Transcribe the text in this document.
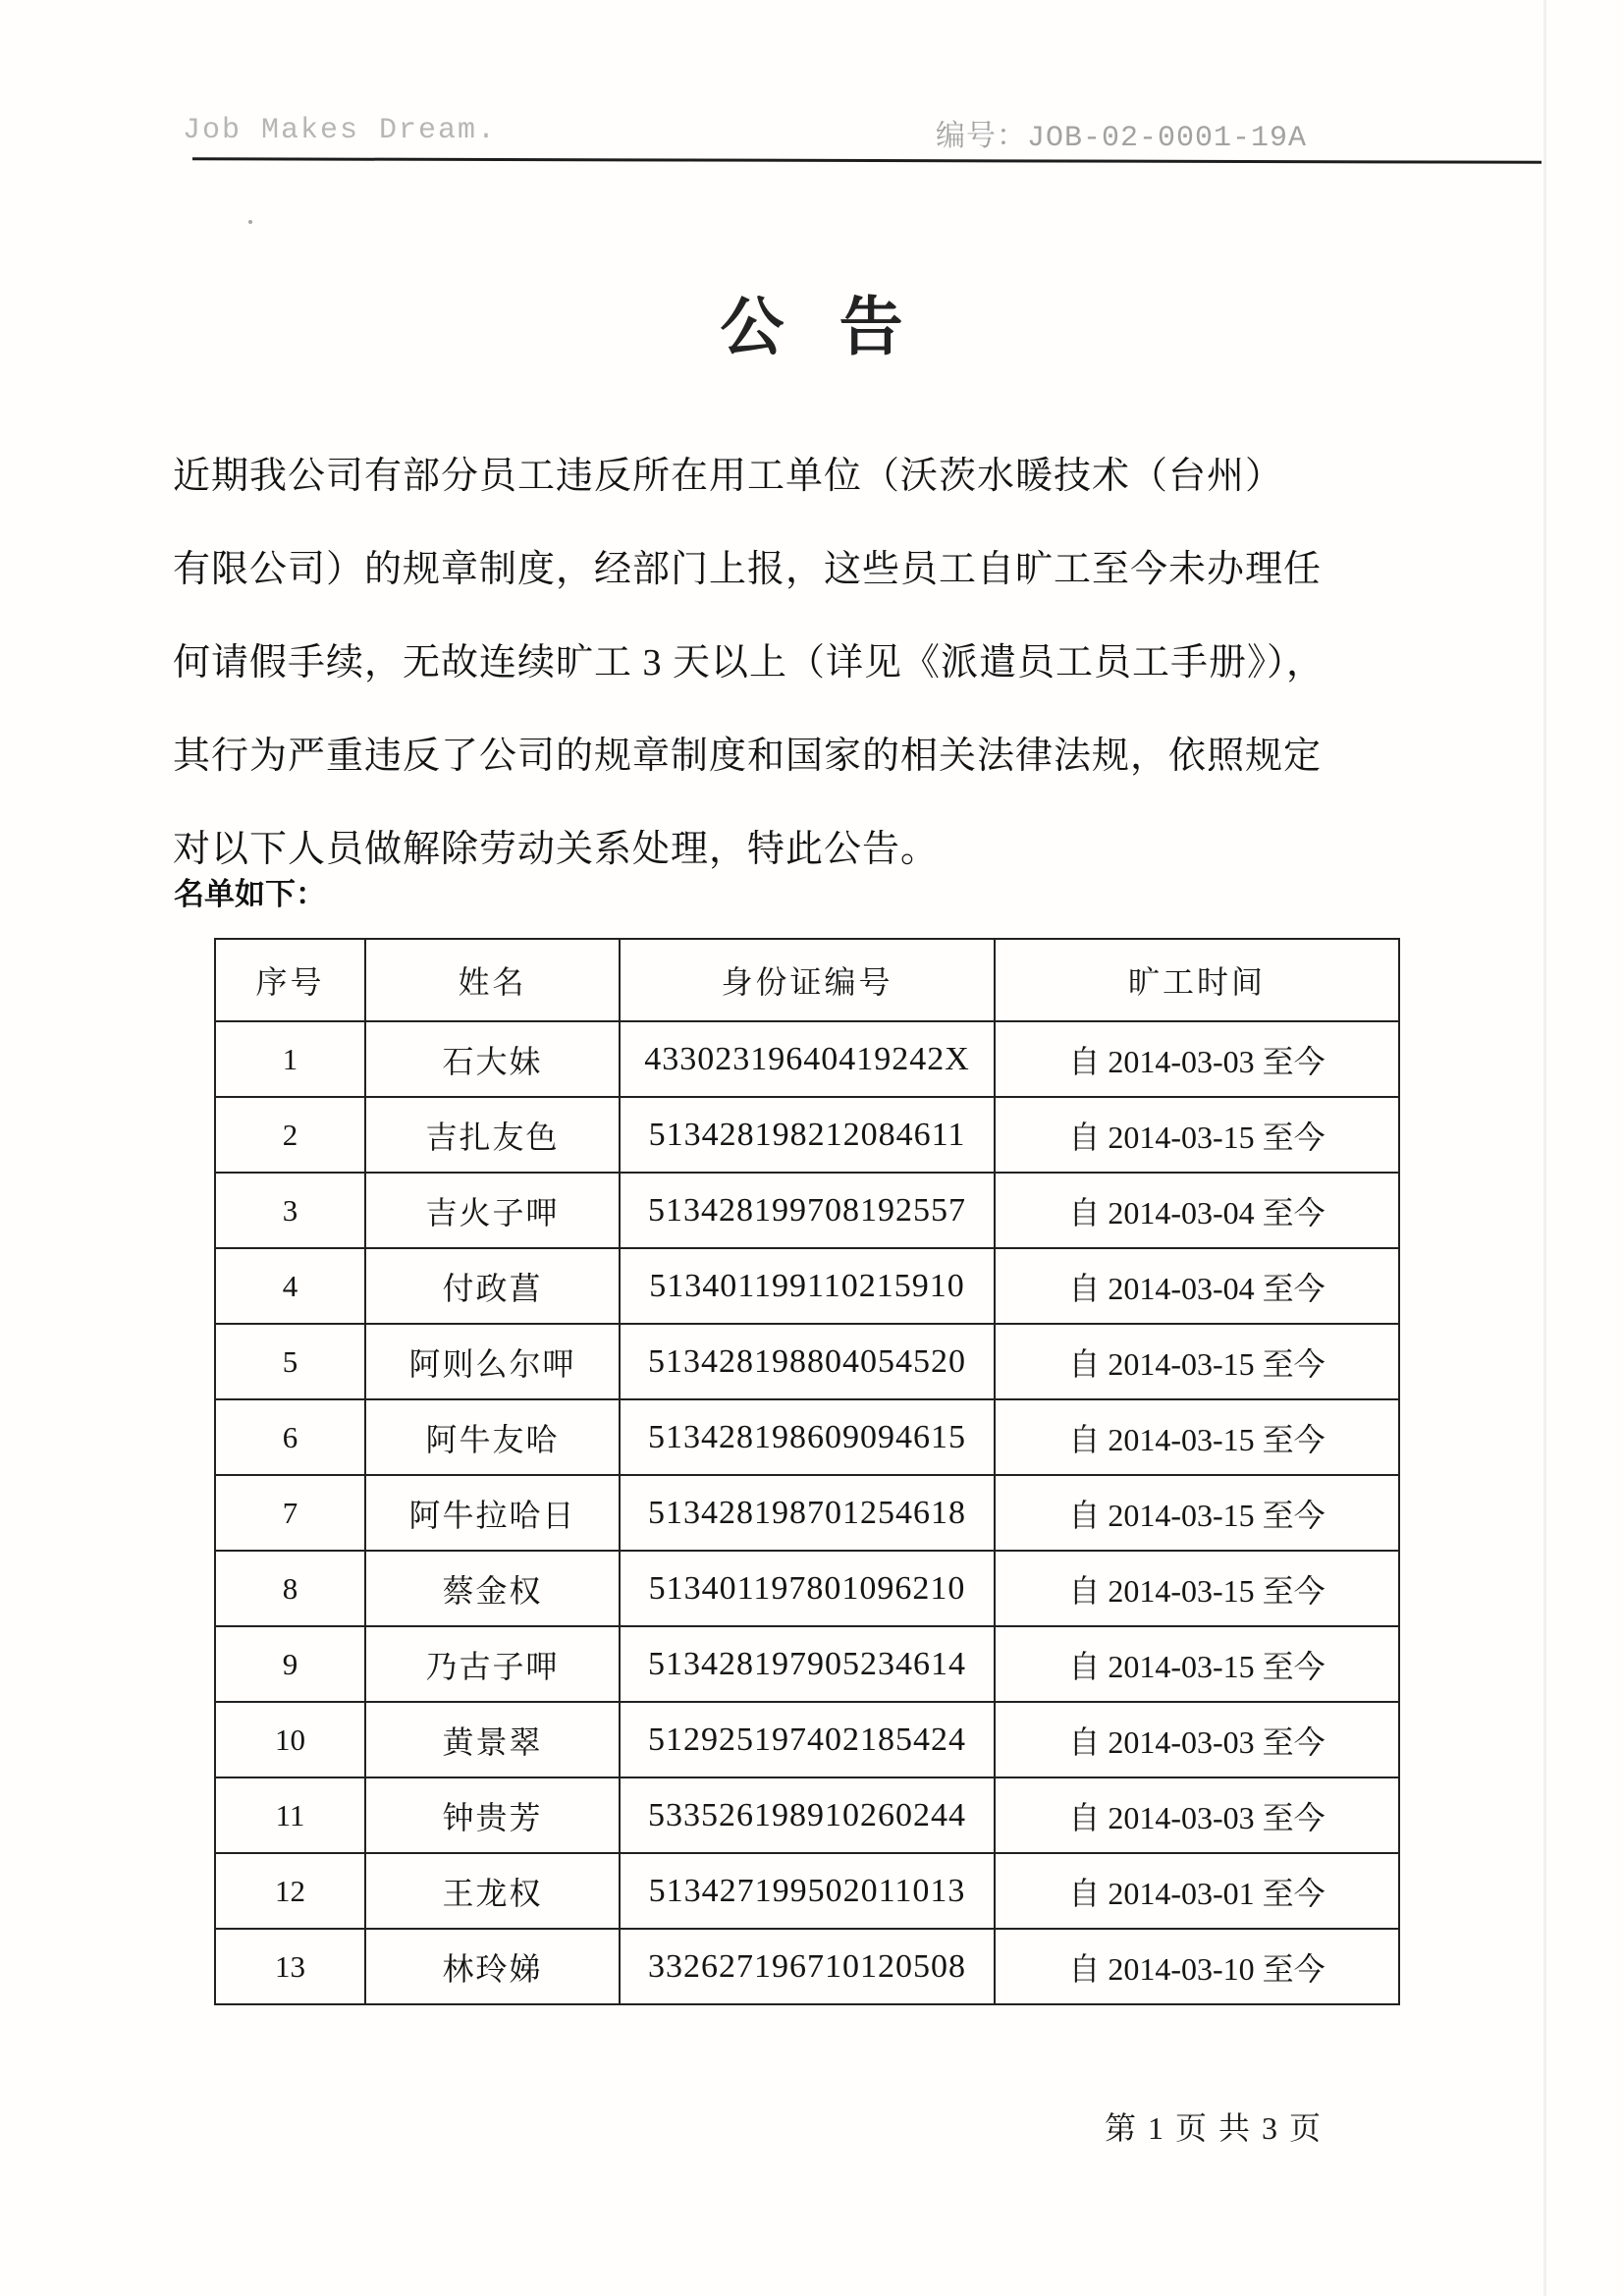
Job Makes Dream.	编号：JOB-02-0001-19A
公 告
近期我公司有部分员工违反所在用工单位（沃茨水暖技术（台州）
有限公司）的规章制度，经部门上报，这些员工自旷工至今未办理任
何请假手续，无故连续旷工 3 天以上（详见《派遣员工员工手册》），
其行为严重违反了公司的规章制度和国家的相关法律法规，依照规定
对以下人员做解除劳动关系处理，特此公告。
名单如下：
序号	姓名	身份证编号	旷工时间
1	石大妹	43302319640419242X	自 2014-03-03 至今
2	吉扎友色	513428198212084611	自 2014-03-15 至今
3	吉火子呷	513428199708192557	自 2014-03-04 至今
4	付政菖	513401199110215910	自 2014-03-04 至今
5	阿则么尔呷	513428198804054520	自 2014-03-15 至今
6	阿牛友哈	513428198609094615	自 2014-03-15 至今
7	阿牛拉哈日	513428198701254618	自 2014-03-15 至今
8	蔡金权	513401197801096210	自 2014-03-15 至今
9	乃古子呷	513428197905234614	自 2014-03-15 至今
10	黄景翠	512925197402185424	自 2014-03-03 至今
11	钟贵芳	533526198910260244	自 2014-03-03 至今
12	王龙权	513427199502011013	自 2014-03-01 至今
13	林玲娣	332627196710120508	自 2014-03-10 至今
第 1 页 共 3 页
